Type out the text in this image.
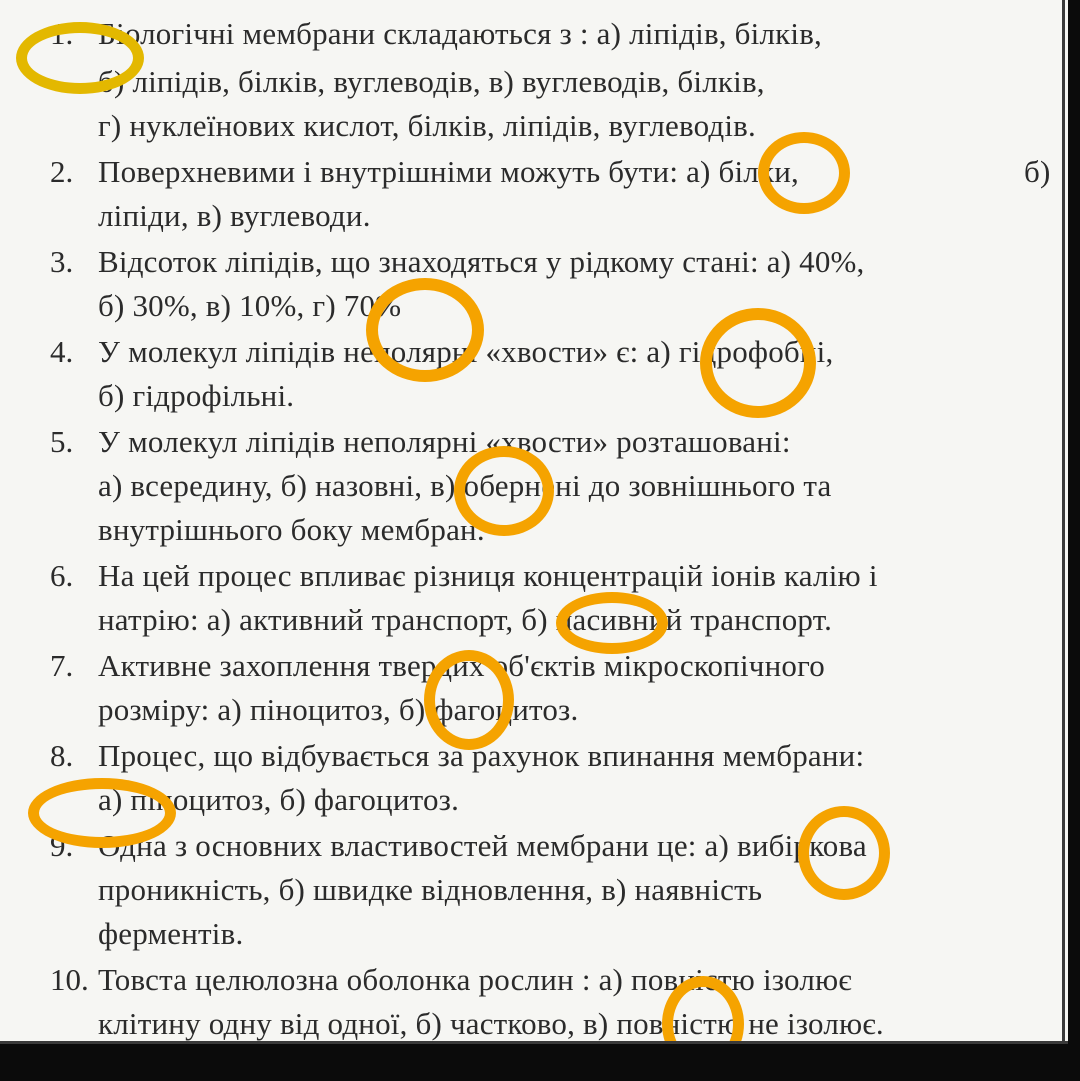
1. Біологічні мембрани складаються з : а) ліпідів, білків,
б) ліпідів, білків, вуглеводів, в) вуглеводів, білків,
г) нуклеїнових кислот, білків, ліпідів, вуглеводів.
2. Поверхневими і внутрішніми можуть бути: а) білки,	б)
ліпіди, в) вуглеводи.
3. Відсоток ліпідів, що знаходяться у рідкому стані: а) 40%,
б) 30%, в) 10%, г) 70%
4. У молекул ліпідів неполярні «хвости» є: а) гідрофобні,
б) гідрофільні.
5. У молекул ліпідів неполярні «хвости» розташовані:
а) всередину, б) назовні, в) обернені до зовнішнього та
внутрішнього боку мембран.
6. На цей процес впливає різниця концентрацій іонів калію і
натрію: а) активний транспорт, б) пасивний транспорт.
7. Активне захоплення твердих об'єктів мікроскопічного
розміру: а) піноцитоз, б) фагоцитоз.
8. Процес, що відбувається за рахунок впинання мембрани:
а) піноцитоз, б) фагоцитоз.
9. Одна з основних властивостей мембрани це: а) вибіркова
проникність, б) швидке відновлення, в) наявність
ферментів.
10. Товста целюлозна оболонка рослин : а) повністю ізолює
клітину одну від одної, б) частково, в) повністю не ізолює.
